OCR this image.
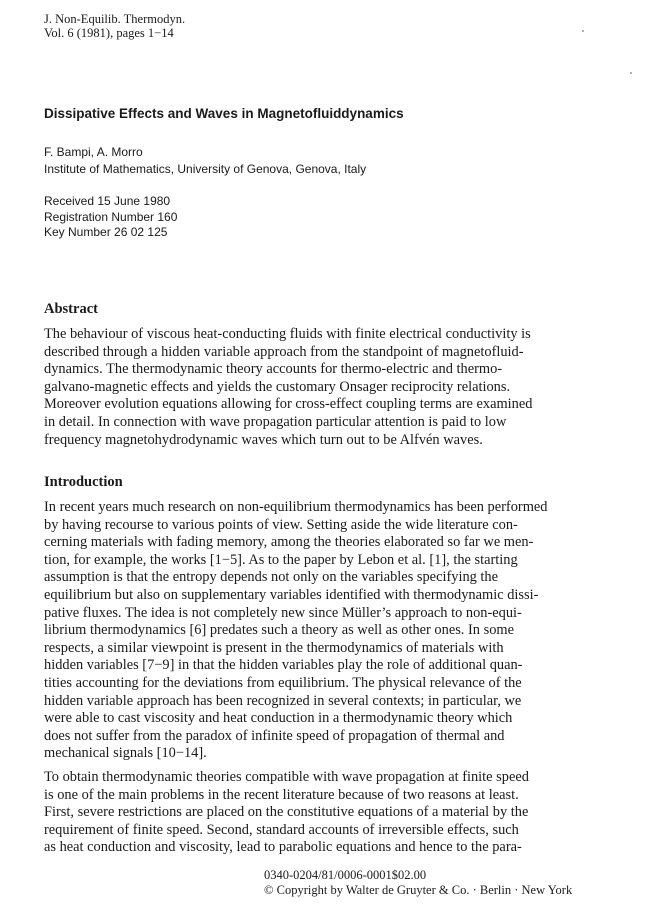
J. Non-Equilib. Thermodyn.
Vol. 6 (1981), pages 1−14
Dissipative Effects and Waves in Magnetofluiddynamics
F. Bampi, A. Morro
Institute of Mathematics, University of Genova, Genova, Italy
Received 15 June 1980
Registration Number 160
Key Number 26 02 125
Abstract

The behaviour of viscous heat-conducting fluids with finite electrical conductivity is
described through a hidden variable approach from the standpoint of magnetofluid-
dynamics. The thermodynamic theory accounts for thermo-electric and thermo-
galvano-magnetic effects and yields the customary Onsager reciprocity relations.
Moreover evolution equations allowing for cross-effect coupling terms are examined
in detail. In connection with wave propagation particular attention is paid to low
frequency magnetohydrodynamic waves which turn out to be Alfvén waves.

Introduction

In recent years much research on non-equilibrium thermodynamics has been performed
by having recourse to various points of view. Setting aside the wide literature con-
cerning materials with fading memory, among the theories elaborated so far we men-
tion, for example, the works [1−5]. As to the paper by Lebon et al. [1], the starting
assumption is that the entropy depends not only on the variables specifying the
equilibrium but also on supplementary variables identified with thermodynamic dissi-
pative fluxes. The idea is not completely new since Müller’s approach to non-equi-
librium thermodynamics [6] predates such a theory as well as other ones. In some
respects, a similar viewpoint is present in the thermodynamics of materials with
hidden variables [7−9] in that the hidden variables play the role of additional quan-
tities accounting for the deviations from equilibrium. The physical relevance of the
hidden variable approach has been recognized in several contexts; in particular, we
were able to cast viscosity and heat conduction in a thermodynamic theory which
does not suffer from the paradox of infinite speed of propagation of thermal and
mechanical signals [10−14].

To obtain thermodynamic theories compatible with wave propagation at finite speed
is one of the main problems in the recent literature because of two reasons at least.
First, severe restrictions are placed on the constitutive equations of a material by the
requirement of finite speed. Second, standard accounts of irreversible effects, such
as heat conduction and viscosity, lead to parabolic equations and hence to the para-

0340-0204/81/0006-0001$02.00
© Copyright by Walter de Gruyter & Co. · Berlin · New York
